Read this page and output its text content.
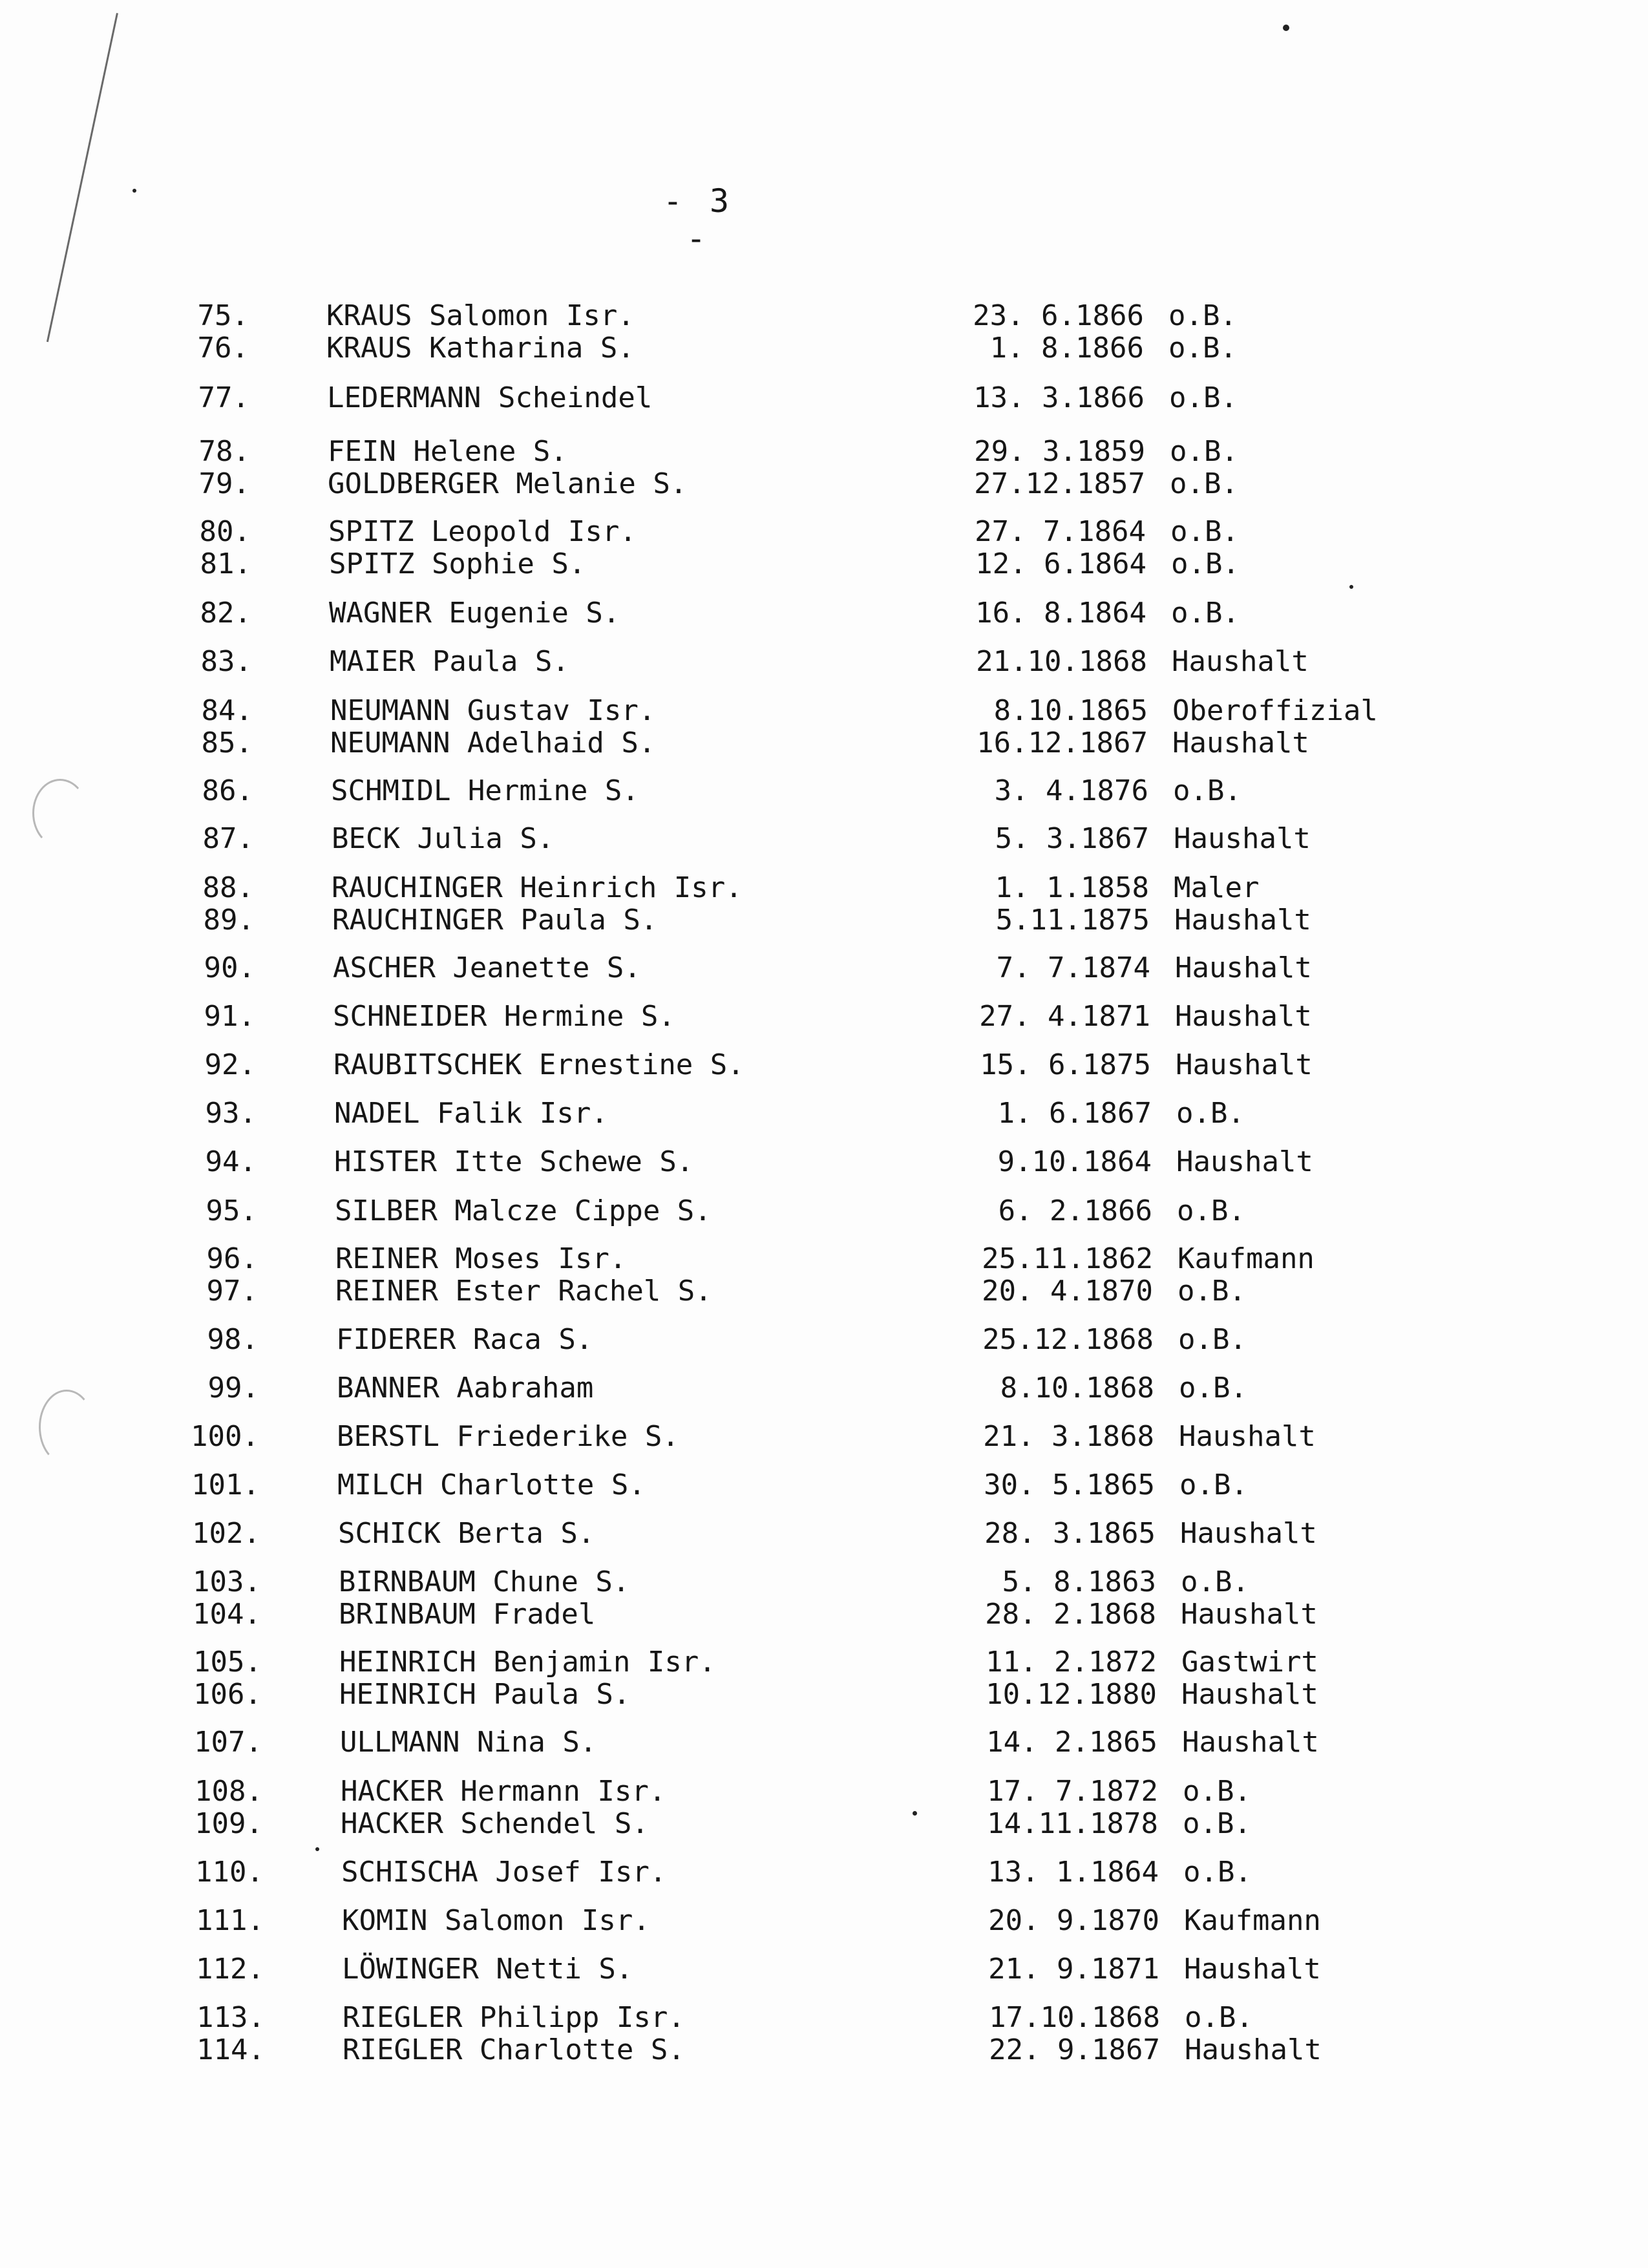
- 3 -
75.	KRAUS Salomon Isr.	23. 6.1866 o.B.
76.	KRAUS Katharina S.	1. 8.1866 o.B.
77.	LEDERMANN Scheindel	13. 3.1866 o.B.
78.	FEIN Helene S.	29. 3.1859 o.B.
79.	GOLDBERGER Melanie S.	27.12.1857 o.B.
80.	SPITZ Leopold Isr.	27. 7.1864 o.B.
81.	SPITZ Sophie S.	12. 6.1864 o.B.
82.	WAGNER Eugenie S.	16. 8.1864 o.B.
83.	MAIER Paula S.	21.10.1868 Haushalt
84.	NEUMANN Gustav Isr.	8.10.1865 Oberoffizial
85.	NEUMANN Adelhaid S.	16.12.1867 Haushalt
86.	SCHMIDL Hermine S.	3. 4.1876 o.B.
87.	BECK Julia S.	5. 3.1867 Haushalt
88.	RAUCHINGER Heinrich Isr.	1. 1.1858 Maler
89.	RAUCHINGER Paula S.	5.11.1875 Haushalt
90.	ASCHER Jeanette S.	7. 7.1874 Haushalt
91.	SCHNEIDER Hermine S.	27. 4.1871 Haushalt
92.	RAUBITSCHEK Ernestine S.	15. 6.1875 Haushalt
93.	NADEL Falik Isr.	1. 6.1867 o.B.
94.	HISTER Itte Schewe S.	9.10.1864 Haushalt
95.	SILBER Malcze Cippe S.	6. 2.1866 o.B.
96.	REINER Moses Isr.	25.11.1862 Kaufmann
97.	REINER Ester Rachel S.	20. 4.1870 o.B.
98.	FIDERER Raca S.	25.12.1868 o.B.
99.	BANNER Aabraham	8.10.1868 o.B.
100.	BERSTL Friederike S.	21. 3.1868 Haushalt
101.	MILCH Charlotte S.	30. 5.1865 o.B.
102.	SCHICK Berta S.	28. 3.1865 Haushalt
103.	BIRNBAUM Chune S.	5. 8.1863 o.B.
104.	BRINBAUM Fradel	28. 2.1868 Haushalt
105.	HEINRICH Benjamin Isr.	11. 2.1872 Gastwirt
106.	HEINRICH Paula S.	10.12.1880 Haushalt
107.	ULLMANN Nina S.	14. 2.1865 Haushalt
108.	HACKER Hermann Isr.	17. 7.1872 o.B.
109.	HACKER Schendel S.	14.11.1878 o.B.
110.	SCHISCHA Josef Isr.	13. 1.1864 o.B.
111.	KOMIN Salomon Isr.	20. 9.1870 Kaufmann
112.	LÖWINGER Netti S.	21. 9.1871 Haushalt
113.	RIEGLER Philipp Isr.	17.10.1868 o.B.
114.	RIEGLER Charlotte S.	22. 9.1867 Haushalt
